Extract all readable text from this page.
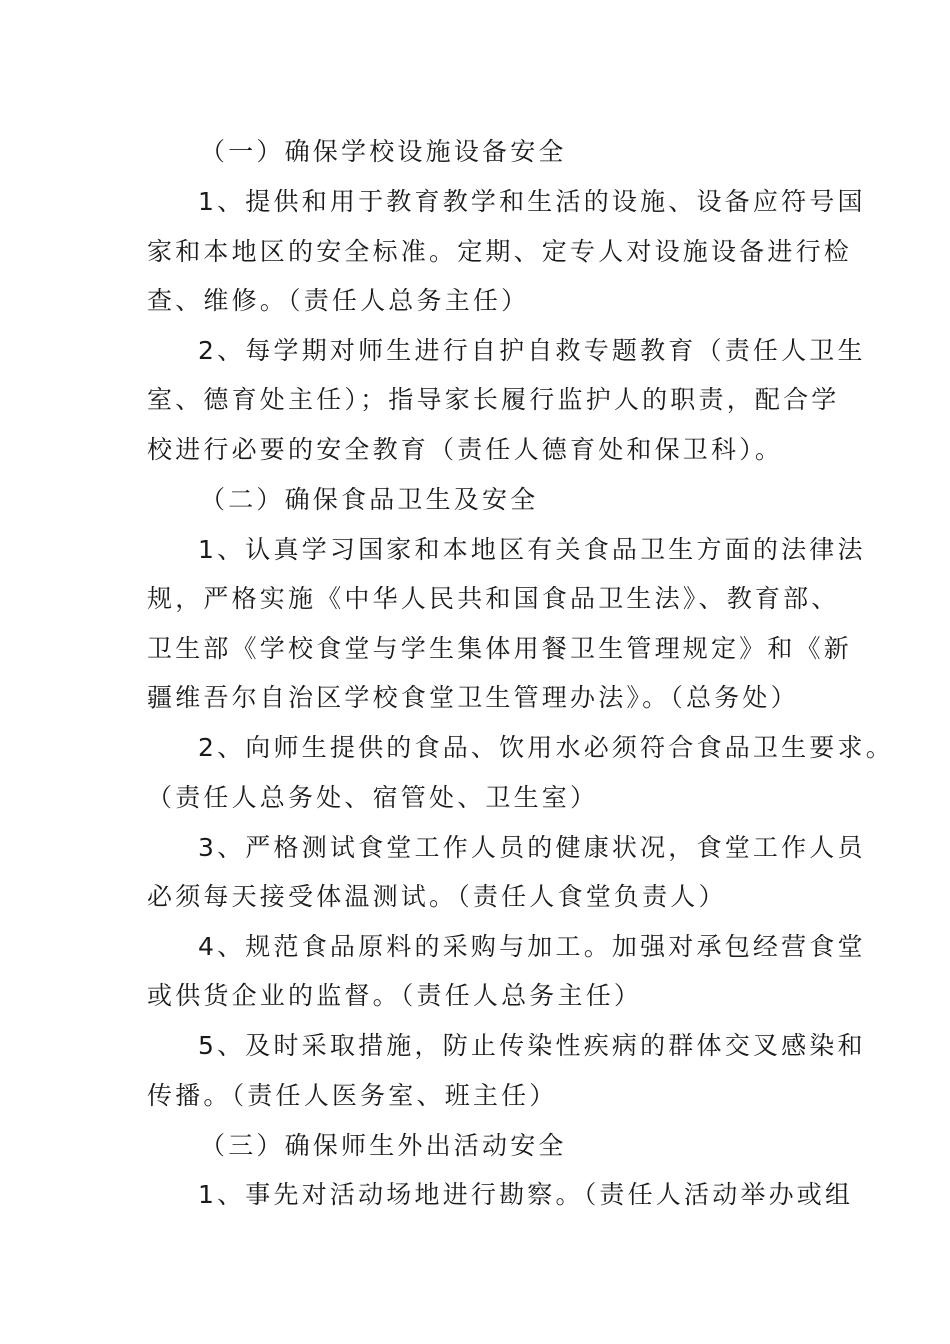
（一）确保学校设施设备安全
1、提供和用于教育教学和生活的设施、设备应符号国
家和本地区的安全标准。定期、定专人对设施设备进行检
查、维修。（责任人总务主任）
2、每学期对师生进行自护自救专题教育（责任人卫生
室、德育处主任）；指导家长履行监护人的职责，配合学
校进行必要的安全教育（责任人德育处和保卫科）。
（二）确保食品卫生及安全
1、认真学习国家和本地区有关食品卫生方面的法律法
规，严格实施《中华人民共和国食品卫生法》、教育部、
卫生部《学校食堂与学生集体用餐卫生管理规定》和《新
疆维吾尔自治区学校食堂卫生管理办法》。（总务处）
2、向师生提供的食品、饮用水必须符合食品卫生要求。
（责任人总务处、宿管处、卫生室）
3、严格测试食堂工作人员的健康状况，食堂工作人员
必须每天接受体温测试。（责任人食堂负责人）
4、规范食品原料的采购与加工。加强对承包经营食堂
或供货企业的监督。（责任人总务主任）
5、及时采取措施，防止传染性疾病的群体交叉感染和
传播。（责任人医务室、班主任）
（三）确保师生外出活动安全
1、事先对活动场地进行勘察。（责任人活动举办或组
